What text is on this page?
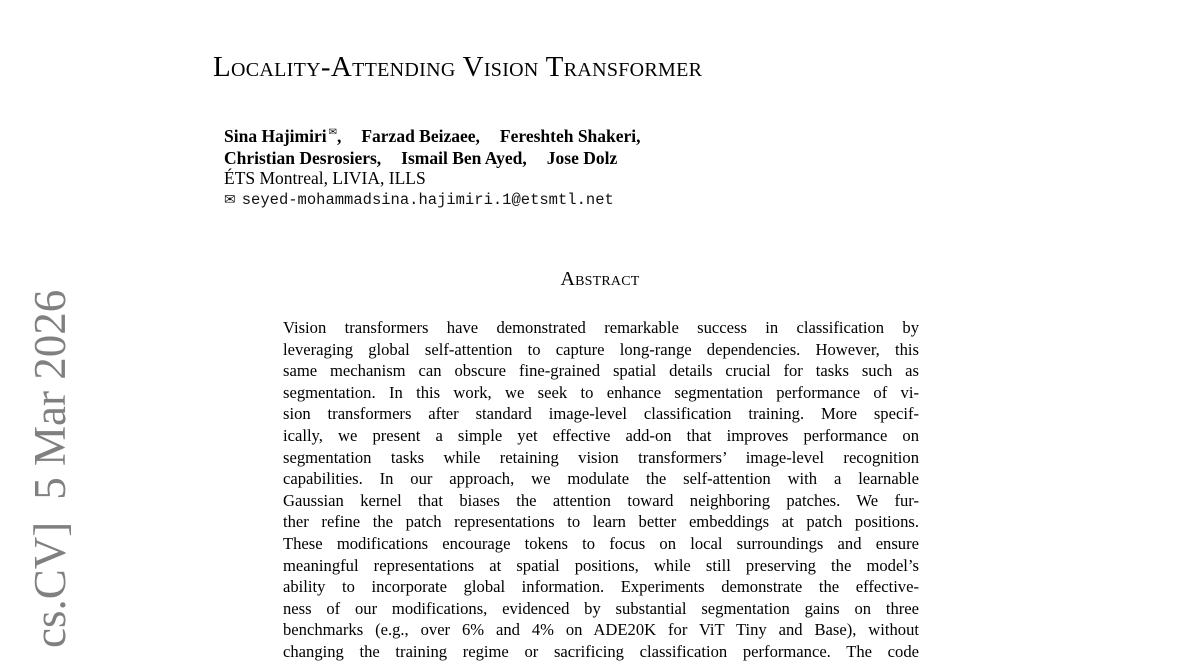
Locality-Attending Vision Transformer
Sina Hajimiri ✉, Farzad Beizaee, Fereshteh Shakeri,
Christian Desrosiers, Ismail Ben Ayed, Jose Dolz
ÉTS Montreal, LIVIA, ILLS
✉ seyed-mohammadsina.hajimiri.1@etsmtl.net
Abstract
Vision transformers have demonstrated remarkable success in classification by
leveraging global self-attention to capture long-range dependencies. However, this
same mechanism can obscure fine-grained spatial details crucial for tasks such as
segmentation. In this work, we seek to enhance segmentation performance of vi-
sion transformers after standard image-level classification training. More specif-
ically, we present a simple yet effective add-on that improves performance on
segmentation tasks while retaining vision transformers’ image-level recognition
capabilities. In our approach, we modulate the self-attention with a learnable
Gaussian kernel that biases the attention toward neighboring patches. We fur-
ther refine the patch representations to learn better embeddings at patch positions.
These modifications encourage tokens to focus on local surroundings and ensure
meaningful representations at spatial positions, while still preserving the model’s
ability to incorporate global information. Experiments demonstrate the effective-
ness of our modifications, evidenced by substantial segmentation gains on three
benchmarks (e.g., over 6% and 4% on ADE20K for ViT Tiny and Base), without
changing the training regime or sacrificing classification performance. The code
cs.CV]5 Mar 2026
